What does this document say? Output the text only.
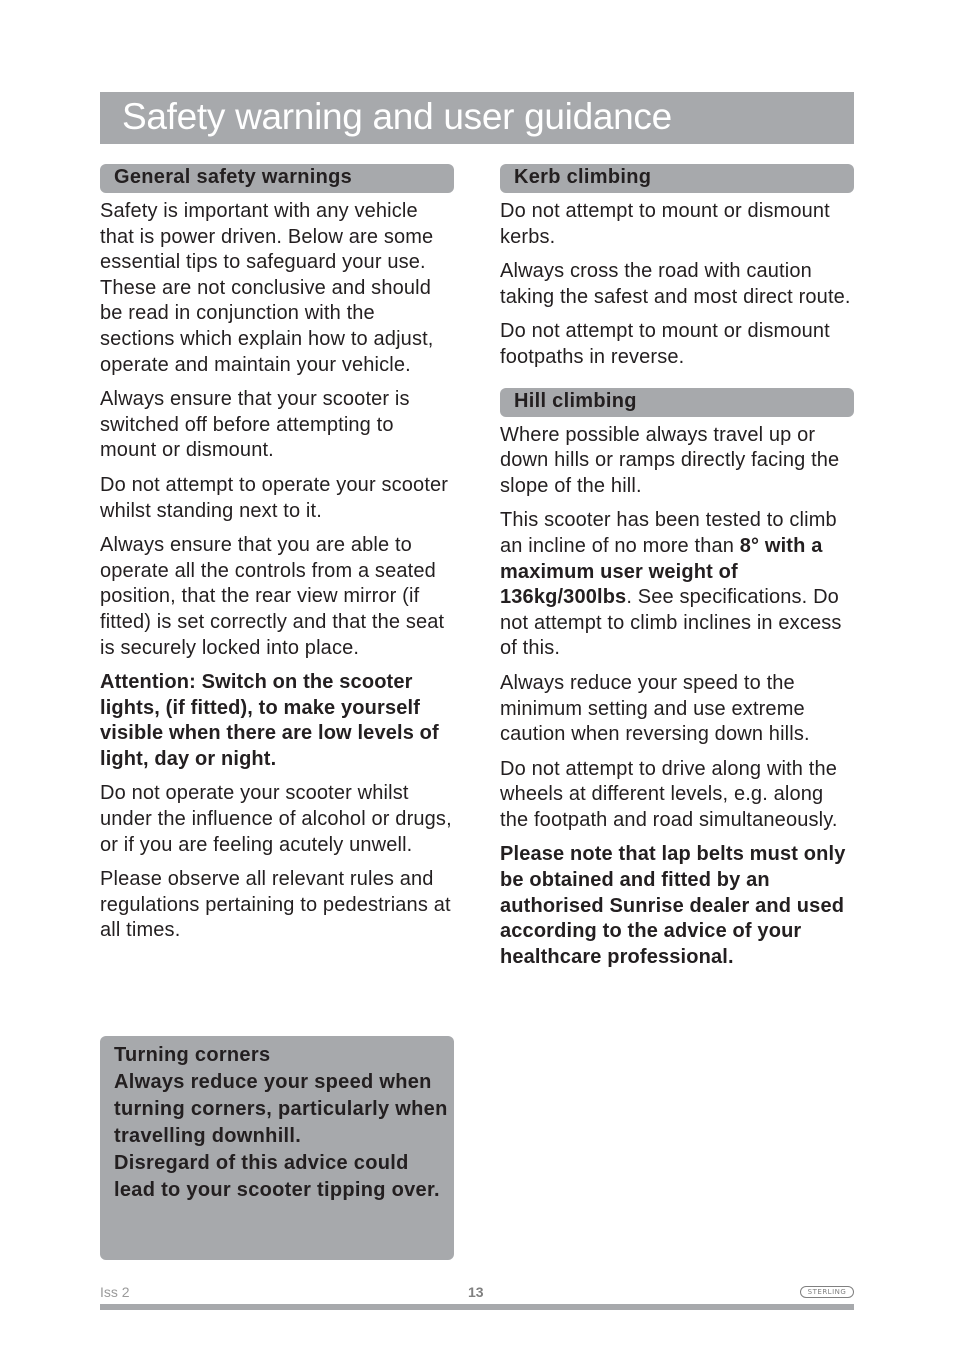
Safety warning and user guidance
General safety warnings

Safety is important with any vehicle that is power driven. Below are some essential tips to safeguard your use. These are not conclusive and should be read in conjunction with the sections which explain how to adjust, operate and maintain your vehicle.

Always ensure that your scooter is switched off before attempting to mount or dismount.

Do not attempt to operate your scooter whilst standing next to it.

Always ensure that you are able to operate all the controls from a seated position, that the rear view mirror (if fitted) is set correctly and that the seat is securely locked into place.

Attention: Switch on the scooter lights, (if fitted), to make yourself visible when there are low levels of light, day or night.

Do not operate your scooter whilst under the influence of alcohol or drugs, or if you are feeling acutely unwell.

Please observe all relevant rules and regulations pertaining to pedestrians at all times.

Turning corners
Always reduce your speed when turning corners, particularly when travelling downhill.
Disregard of this advice could lead to your scooter tipping over.
Kerb climbing

Do not attempt to mount or dismount kerbs.

Always cross the road with caution taking the safest and most direct route.

Do not attempt to mount or dismount footpaths in reverse.

Hill climbing

Where possible always travel up or down hills or ramps directly facing the slope of the hill.

This scooter has been tested to climb an incline of no more than 8° with a maximum user weight of 136kg/300lbs. See specifications. Do not attempt to climb inclines in excess of this.

Always reduce your speed to the minimum setting and use extreme caution when reversing down hills.

Do not attempt to drive along with the wheels at different levels, e.g. along the footpath and road simultaneously.

Please note that lap belts must only be obtained and fitted by an authorised Sunrise dealer and used according to the advice of your healthcare professional.

Iss 2	13	STERLING
